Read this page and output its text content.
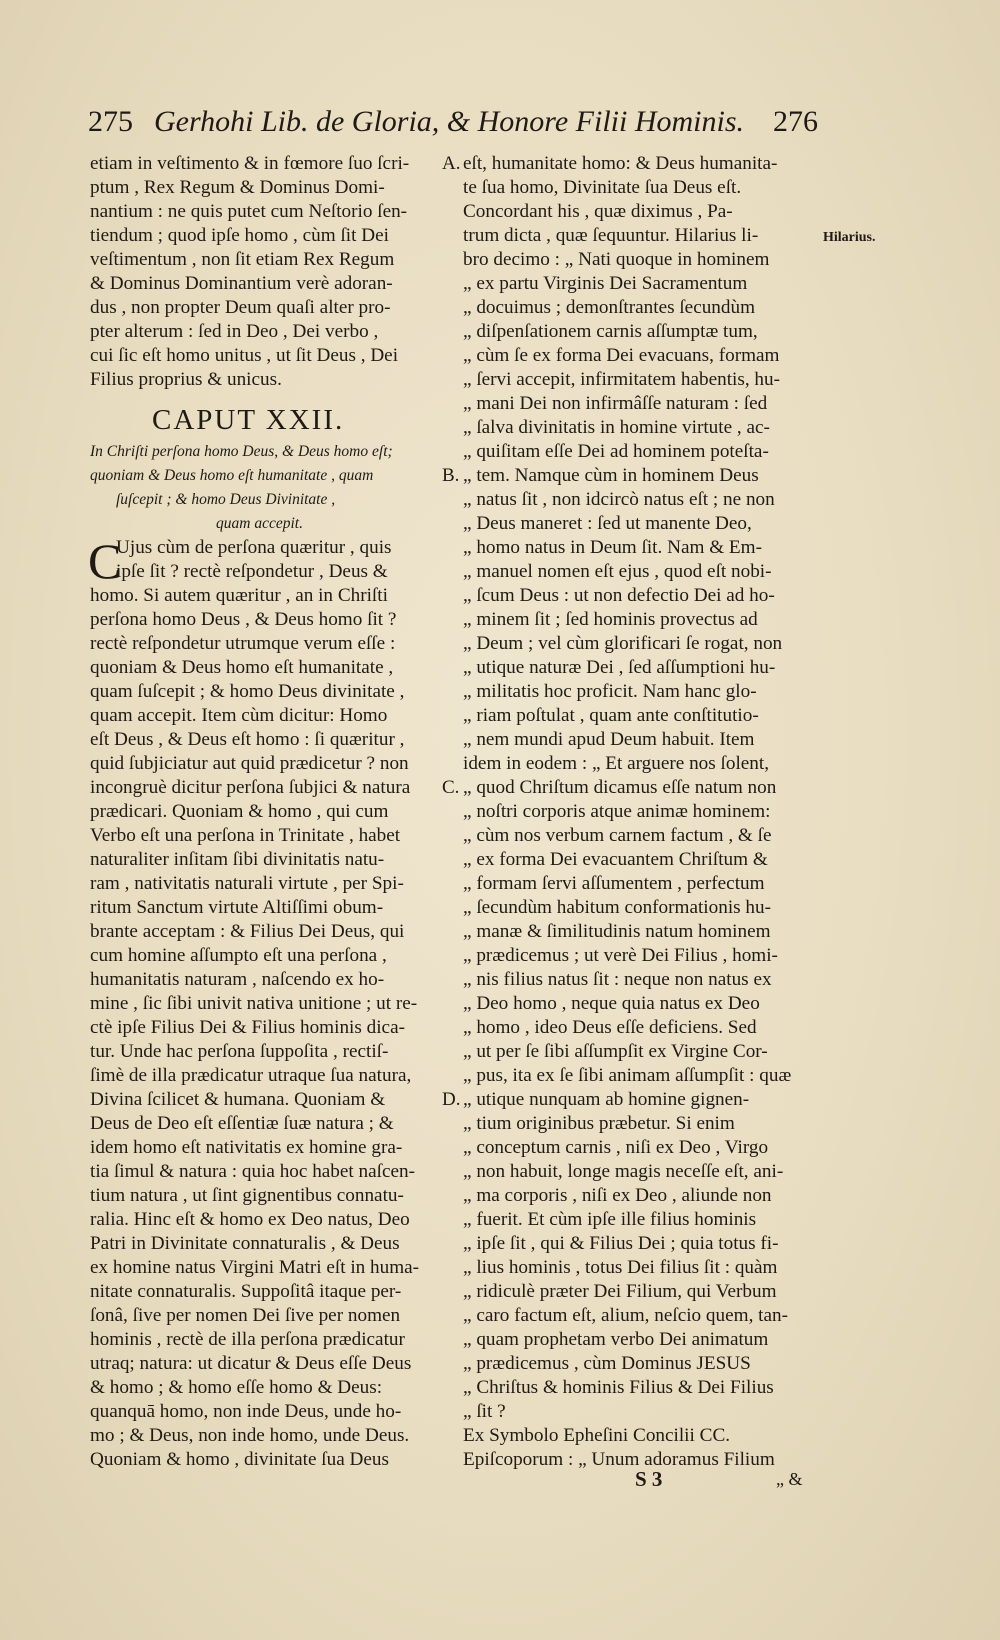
275 Gerhohi Lib. de Gloria, & Honore Filii Hominis. 276
etiam in veſtimento & in fœmore ſuo ſcri-
ptum , Rex Regum & Dominus Domi-
nantium : ne quis putet cum Neſtorio ſen-
tiendum ; quod ipſe homo , cùm ſit Dei
veſtimentum , non ſit etiam Rex Regum
& Dominus Dominantium verè adoran-
dus , non propter Deum quaſi alter pro-
pter alterum : ſed in Deo , Dei verbo ,
cui ſic eſt homo unitus , ut ſit Deus , Dei
Filius proprius & unicus.
CAPUT XXII.
In Chriſti perſona homo Deus, & Deus homo eſt;
quoniam & Deus homo eſt humanitate , quam
ſuſcepit ; & homo Deus Divinitate ,
quam accepit.
C
Ujus cùm de perſona quæritur , quis
ipſe ſit ? rectè reſpondetur , Deus &
homo. Si autem quæritur , an in Chriſti
perſona homo Deus , & Deus homo ſit ?
rectè reſpondetur utrumque verum eſſe :
quoniam & Deus homo eſt humanitate ,
quam ſuſcepit ; & homo Deus divinitate ,
quam accepit. Item cùm dicitur: Homo
eſt Deus , & Deus eſt homo : ſi quæritur ,
quid ſubjiciatur aut quid prædicetur ? non
incongruè dicitur perſona ſubjici & natura
prædicari. Quoniam & homo , qui cum
Verbo eſt una perſona in Trinitate , habet
naturaliter inſitam ſibi divinitatis natu-
ram , nativitatis naturali virtute , per Spi-
ritum Sanctum virtute Altiſſimi obum-
brante acceptam : & Filius Dei Deus, qui
cum homine aſſumpto eſt una perſona ,
humanitatis naturam , naſcendo ex ho-
mine , ſic ſibi univit nativa unitione ; ut re-
ctè ipſe Filius Dei & Filius hominis dica-
tur. Unde hac perſona ſuppoſita , rectiſ-
ſimè de illa prædicatur utraque ſua natura,
Divina ſcilicet & humana. Quoniam &
Deus de Deo eſt eſſentiæ ſuæ natura ; &
idem homo eſt nativitatis ex homine gra-
tia ſimul & natura : quia hoc habet naſcen-
tium natura , ut ſint gignentibus connatu-
ralia. Hinc eſt & homo ex Deo natus, Deo
Patri in Divinitate connaturalis , & Deus
ex homine natus Virgini Matri eſt in huma-
nitate connaturalis. Suppoſitâ itaque per-
ſonâ, ſive per nomen Dei ſive per nomen
hominis , rectè de illa perſona prædicatur
utraq; natura: ut dicatur & Deus eſſe Deus
& homo ; & homo eſſe homo & Deus:
quanquā homo, non inde Deus, unde ho-
mo ; & Deus, non inde homo, unde Deus.
Quoniam & homo , divinitate ſua Deus
eſt, humanitate homo: & Deus humanita-
te ſua homo, Divinitate ſua Deus eſt.
Concordant his , quæ diximus , Pa-
trum dicta , quæ ſequuntur. Hilarius li-
bro decimo : „ Nati quoque in hominem
„ ex partu Virginis Dei Sacramentum
„ docuimus ; demonſtrantes ſecundùm
„ diſpenſationem carnis aſſumptæ tum,
„ cùm ſe ex forma Dei evacuans, formam
„ ſervi accepit, infirmitatem habentis, hu-
„ mani Dei non infirmâſſe naturam : ſed
„ ſalva divinitatis in homine virtute , ac-
„ quiſitam eſſe Dei ad hominem poteſta-
„ tem. Namque cùm in hominem Deus
„ natus ſit , non idcircò natus eſt ; ne non
„ Deus maneret : ſed ut manente Deo,
„ homo natus in Deum ſit. Nam & Em-
„ manuel nomen eſt ejus , quod eſt nobi-
„ ſcum Deus : ut non defectio Dei ad ho-
„ minem ſit ; ſed hominis provectus ad
„ Deum ; vel cùm glorificari ſe rogat, non
„ utique naturæ Dei , ſed aſſumptioni hu-
„ militatis hoc proficit. Nam hanc glo-
„ riam poſtulat , quam ante conſtitutio-
„ nem mundi apud Deum habuit. Item
idem in eodem : „ Et arguere nos ſolent,
„ quod Chriſtum dicamus eſſe natum non
„ noſtri corporis atque animæ hominem:
„ cùm nos verbum carnem factum , & ſe
„ ex forma Dei evacuantem Chriſtum &
„ formam ſervi aſſumentem , perfectum
„ ſecundùm habitum conformationis hu-
„ manæ & ſimilitudinis natum hominem
„ prædicemus ; ut verè Dei Filius , homi-
„ nis filius natus ſit : neque non natus ex
„ Deo homo , neque quia natus ex Deo
„ homo , ideo Deus eſſe deficiens. Sed
„ ut per ſe ſibi aſſumpſit ex Virgine Cor-
„ pus, ita ex ſe ſibi animam aſſumpſit : quæ
„ utique nunquam ab homine gignen-
„ tium originibus præbetur. Si enim
„ conceptum carnis , niſi ex Deo , Virgo
„ non habuit, longe magis neceſſe eſt, ani-
„ ma corporis , niſi ex Deo , aliunde non
„ fuerit. Et cùm ipſe ille filius hominis
„ ipſe ſit , qui & Filius Dei ; quia totus fi-
„ lius hominis , totus Dei filius ſit : quàm
„ ridiculè præter Dei Filium, qui Verbum
„ caro factum eſt, alium, neſcio quem, tan-
„ quam prophetam verbo Dei animatum
„ prædicemus , cùm Dominus JESUS
„ Chriſtus & hominis Filius & Dei Filius
„ ſit ?
Ex Symbolo Epheſini Concilii CC.
Epiſcoporum : „ Unum adoramus Filium
A.
B.
C.
D.
Hilarius.
S 3	„ &
